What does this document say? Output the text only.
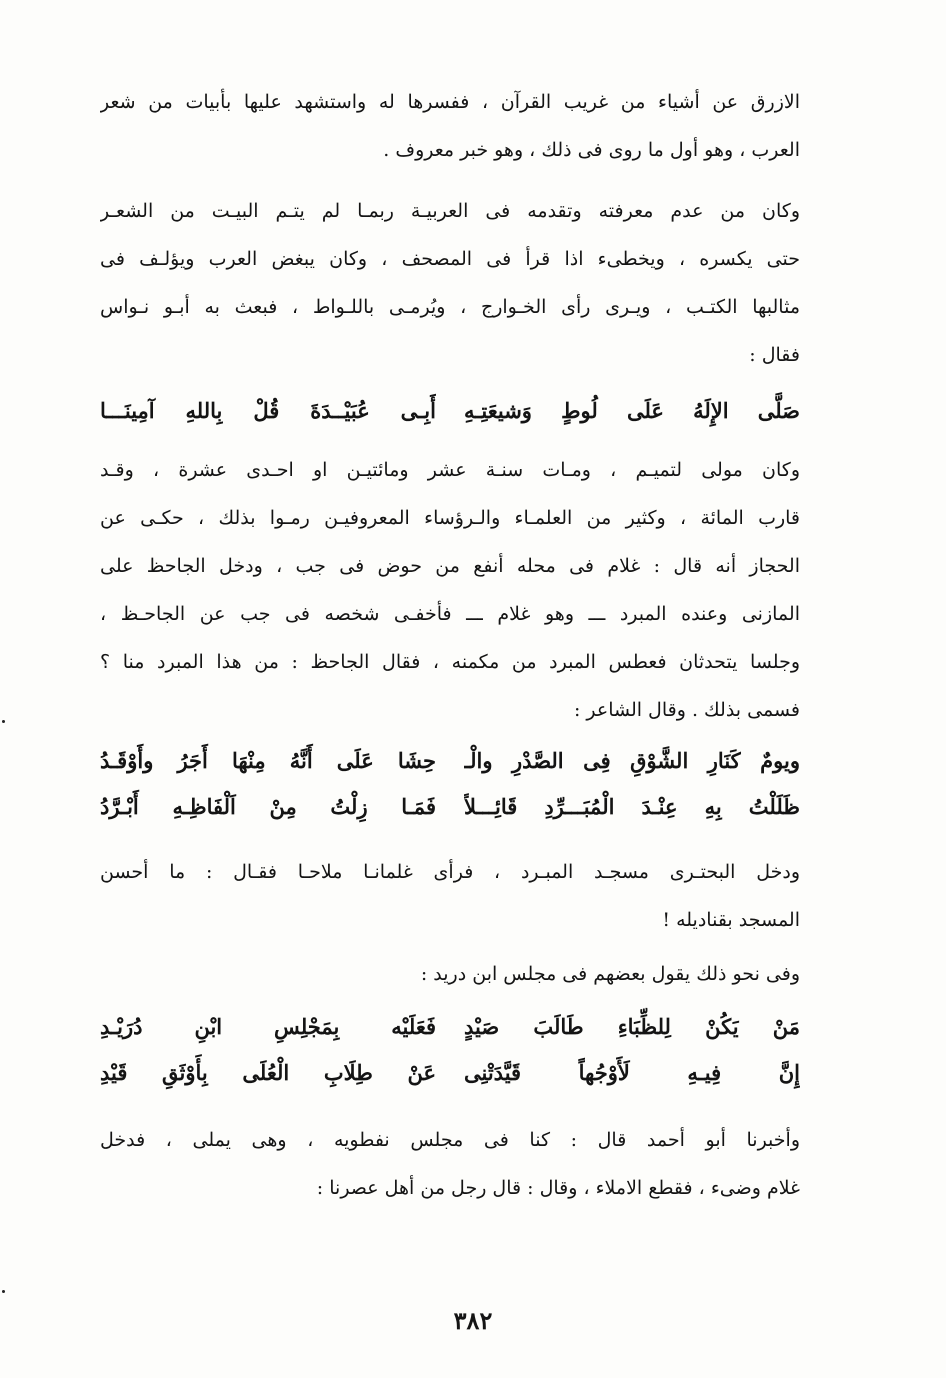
الازرق عن أشياء من غريب القرآن ، ففسرها له واستشهد عليها بأبيات من شعر
العرب ، وهو أول ما روى فى ذلك ، وهو خبر معروف .
وكان من عدم معرفته وتقدمه فى العربيـة ربمـا لم يتـم البيـت من الشعـر
حتى يكسره ، ويخطىء اذا قرأ فى المصحف ، وكان يبغض العرب ويؤلـف فى
مثالبها الكتـب ، ويـرى رأى الخـوارج ، ويُرمـى باللـواط ، فبعث به أبـو نـواس
فقال :
صَلَّى الإِلَهُ عَلَى لُوطٍ وَشيعَتِـهِ
أَبِـى عُبَيْــدَةَ قُلْ بِاللهِ آمِينَـــا
وكان مولى لتميـم ، ومـات سنـة عشر ومائتيـن او احـدى عشرة ، وقـد
قارب المائة ، وكثير من العلمـاء والـرؤساء المعروفيـن رمـوا بذلك ، حكـى عن
الحجاز أنه قال : غلام فى محله أنفع من حوض فى جب ، ودخل الجاحظ على
المازنى وعنده المبرد ـــ وهو غلام ـــ فأخفـى شخصه فى جب عن الجاحـظ ،
وجلسا يتحدثان فعطس المبرد من مكمنه ، فقال الجاحظ : من هذا المبرد منا ؟
فسمى بذلك . وقال الشاعر :
ويومٌ كَنَارِ الشَّوْقِ فِى الصَّدْرِ والْـ
حِشَا عَلَى أَنَّهُ مِنْهَا أَجَرُ وأَوْقَـدُ
ظَلَلْتُ بِهِ عِنْـدَ الْمُبَـــرِّدِ قَائِـــلاً
فَمَـا زِلْتُ مِنْ اَلْفَاظِـهِ أَبْـرَّدُ
ودخل البحتـرى مسجـد المبـرد ، فرأى غلمانـا ملاحـا فقـال : ما أحسن
المسجد بقناديله !
وفى نحو ذلك يقول بعضهم فى مجلس ابن دريد :
مَنْ يَكُنْ لِلظِّبَاءِ طَالَبَ صَيْدٍ
فَعَلَيْه بِمَجْلِسِ ابْنِ دُرَيْـدِ
إِنَّ فِيـهِ لَأَوْجُهاً قَيَّدَتْنِى
عَنْ طِلَابِ الْعُلَى بِأَوْثَقِ قَيْدِ
وأخبرنا أبو أحمد قال : كنا فى مجلس نفطويه ، وهى يملى ، فدخل
غلام وضىء ، فقطع الاملاء ، وقال : قال رجل من أهل عصرنا :
٣٨٢
